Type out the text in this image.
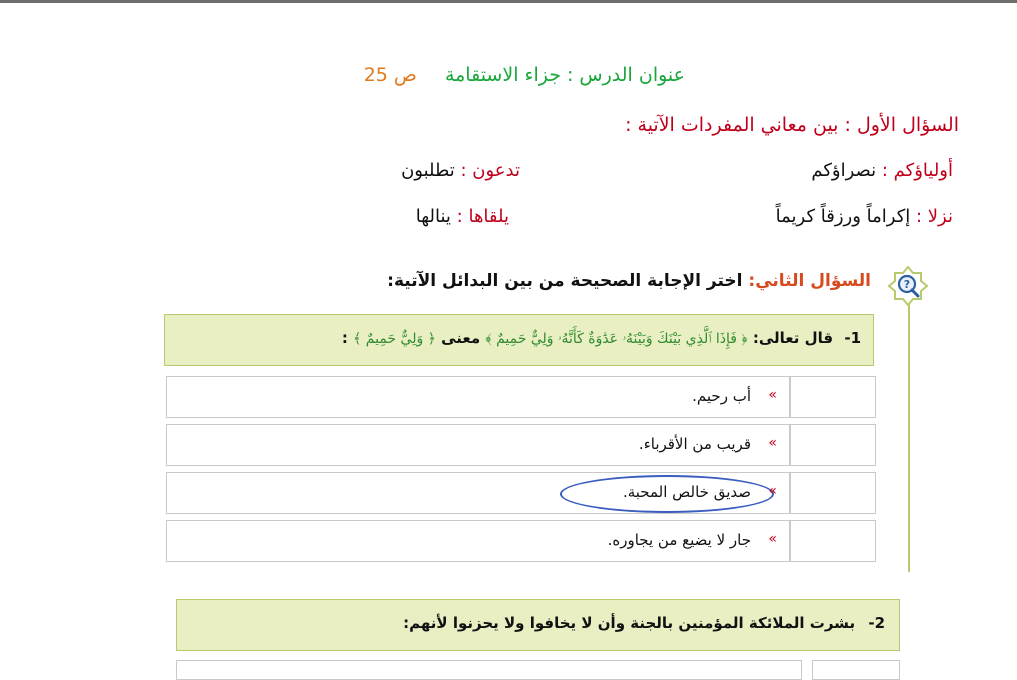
عنوان الدرس : جزاء الاستقامة ص 25
السؤال الأول : بين معاني المفردات الآتية :
أولياؤكم : نصراؤكم
تدعون : تطلبون
نزلا : إكراماً ورزقاً كريماً
يلقاها : ينالها
?
السؤال الثاني: اختر الإجابة الصحيحة من بين البدائل الآتية:
1- قال تعالى: ﴿ فَإِذَا ٱلَّذِي بَيْنَكَ وَبَيْنَهُۥ عَدَٰوَةٌ كَأَنَّهُۥ وَلِيٌّ حَمِيمٌ ﴾ معنى ﴿ وَلِيٌّ حَمِيمٌ ﴾ :
»
أب رحيم.
»
قريب من الأقرباء.
»
صديق خالص المحبة.
»
جار لا يضيع من يجاوره.
2- بشرت الملائكة المؤمنين بالجنة وأن لا يخافوا ولا يحزنوا لأنهم:
